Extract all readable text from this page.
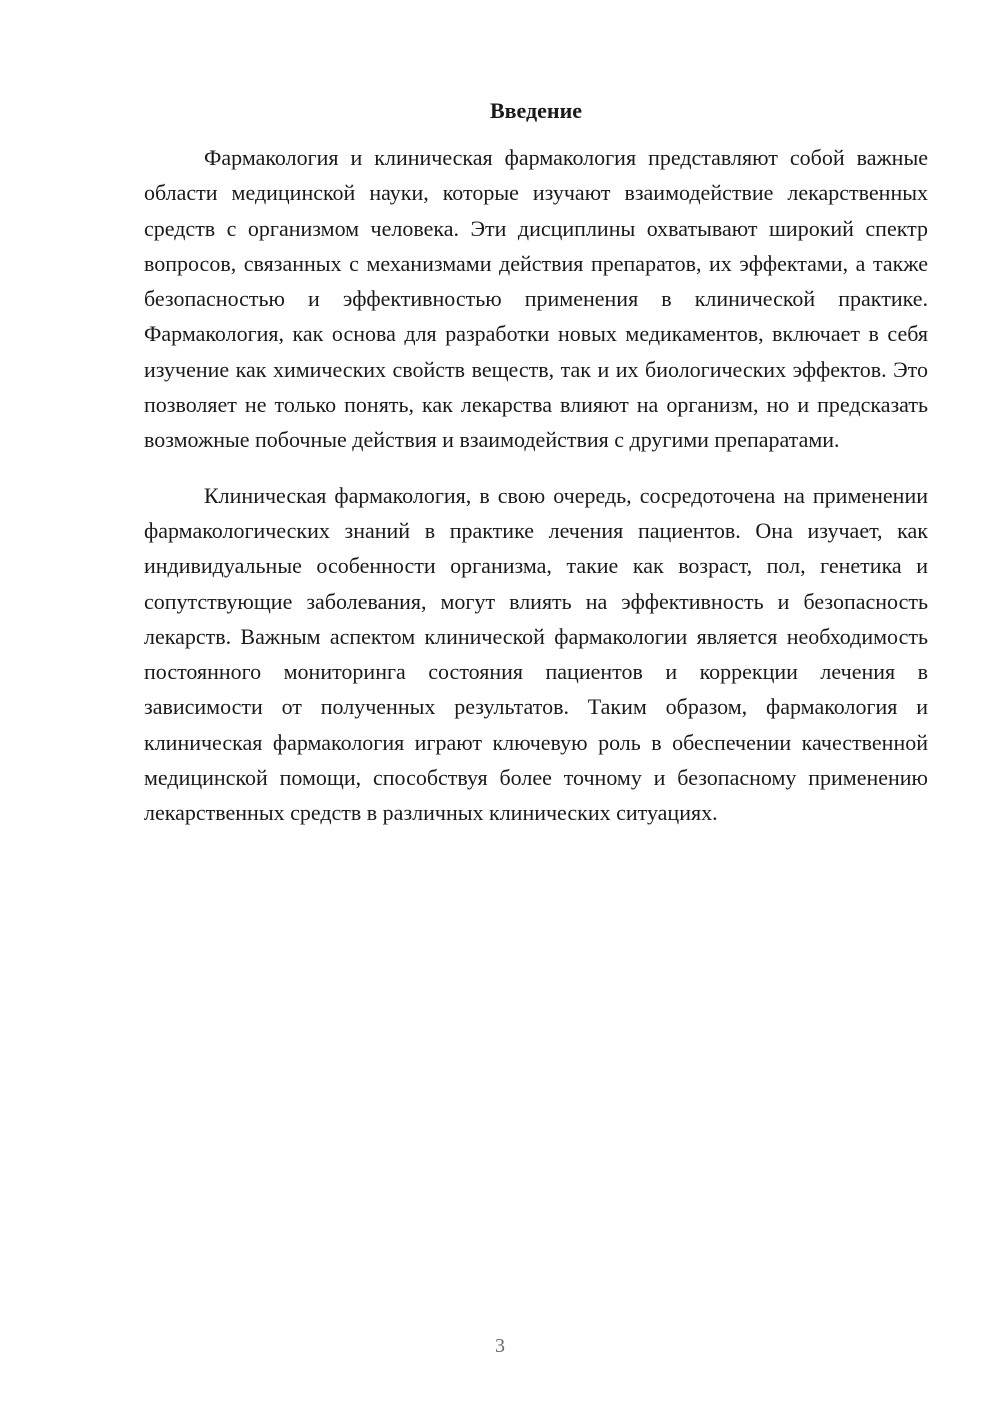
Введение

Фармакология и клиническая фармакология представляют собой важные области медицинской науки, которые изучают взаимодействие лекарственных средств с организмом человека. Эти дисциплины охватывают широкий спектр вопросов, связанных с механизмами действия препаратов, их эффектами, а также безопасностью и эффективностью применения в клинической практике. Фармакология, как основа для разработки новых медикаментов, включает в себя изучение как химических свойств веществ, так и их биологических эффектов. Это позволяет не только понять, как лекарства влияют на организм, но и предсказать возможные побочные действия и взаимодействия с другими препаратами.

Клиническая фармакология, в свою очередь, сосредоточена на применении фармакологических знаний в практике лечения пациентов. Она изучает, как индивидуальные особенности организма, такие как возраст, пол, генетика и сопутствующие заболевания, могут влиять на эффективность и безопасность лекарств. Важным аспектом клинической фармакологии является необходимость постоянного мониторинга состояния пациентов и коррекции лечения в зависимости от полученных результатов. Таким образом, фармакология и клиническая фармакология играют ключевую роль в обеспечении качественной медицинской помощи, способствуя более точному и безопасному применению лекарственных средств в различных клинических ситуациях.

3
